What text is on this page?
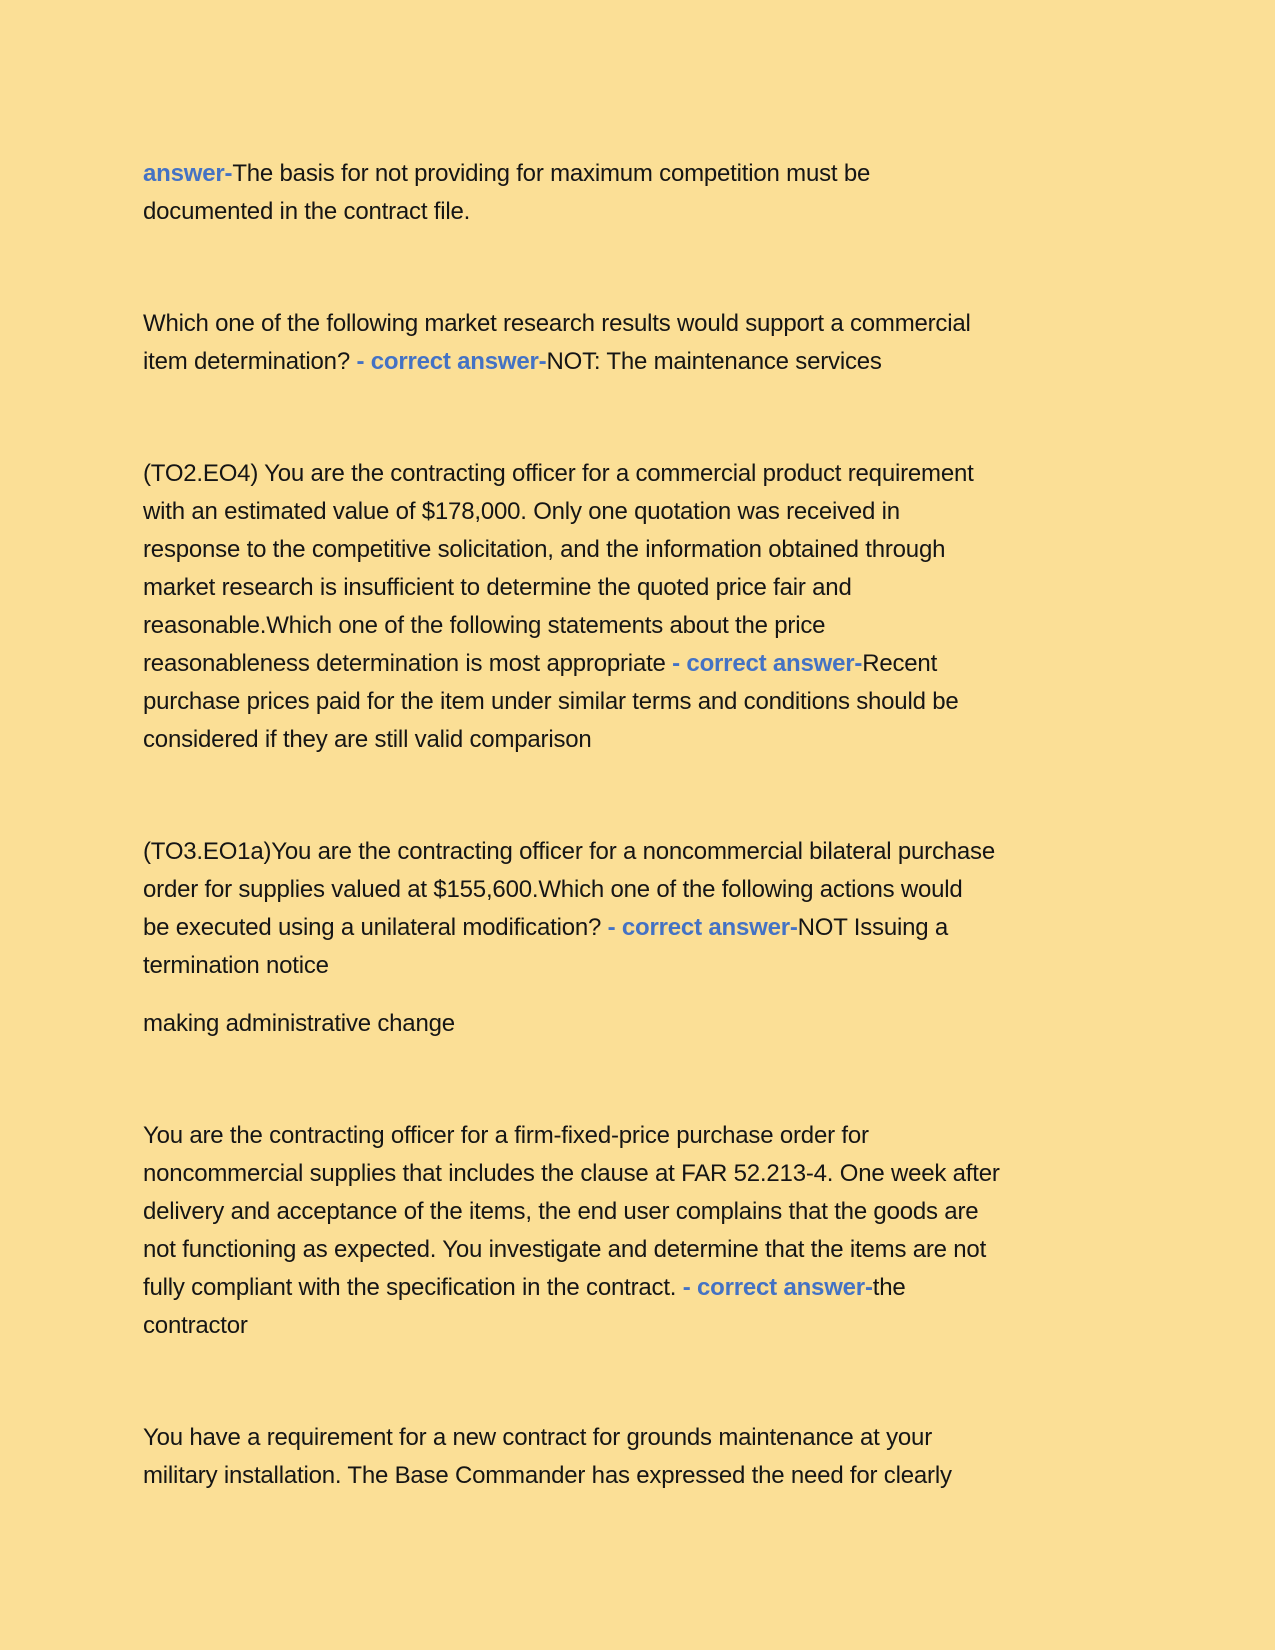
answer-The basis for not providing for maximum competition must be
documented in the contract file.
Which one of the following market research results would support a commercial
item determination? - correct answer-NOT: The maintenance services
(TO2.EO4) You are the contracting officer for a commercial product requirement
with an estimated value of $178,000. Only one quotation was received in
response to the competitive solicitation, and the information obtained through
market research is insufficient to determine the quoted price fair and
reasonable.Which one of the following statements about the price
reasonableness determination is most appropriate - correct answer-Recent
purchase prices paid for the item under similar terms and conditions should be
considered if they are still valid comparison
(TO3.EO1a)You are the contracting officer for a noncommercial bilateral purchase
order for supplies valued at $155,600.Which one of the following actions would
be executed using a unilateral modification? - correct answer-NOT Issuing a
termination notice
making administrative change
You are the contracting officer for a firm-fixed-price purchase order for
noncommercial supplies that includes the clause at FAR 52.213-4. One week after
delivery and acceptance of the items, the end user complains that the goods are
not functioning as expected. You investigate and determine that the items are not
fully compliant with the specification in the contract. - correct answer-the
contractor
You have a requirement for a new contract for grounds maintenance at your
military installation. The Base Commander has expressed the need for clearly
